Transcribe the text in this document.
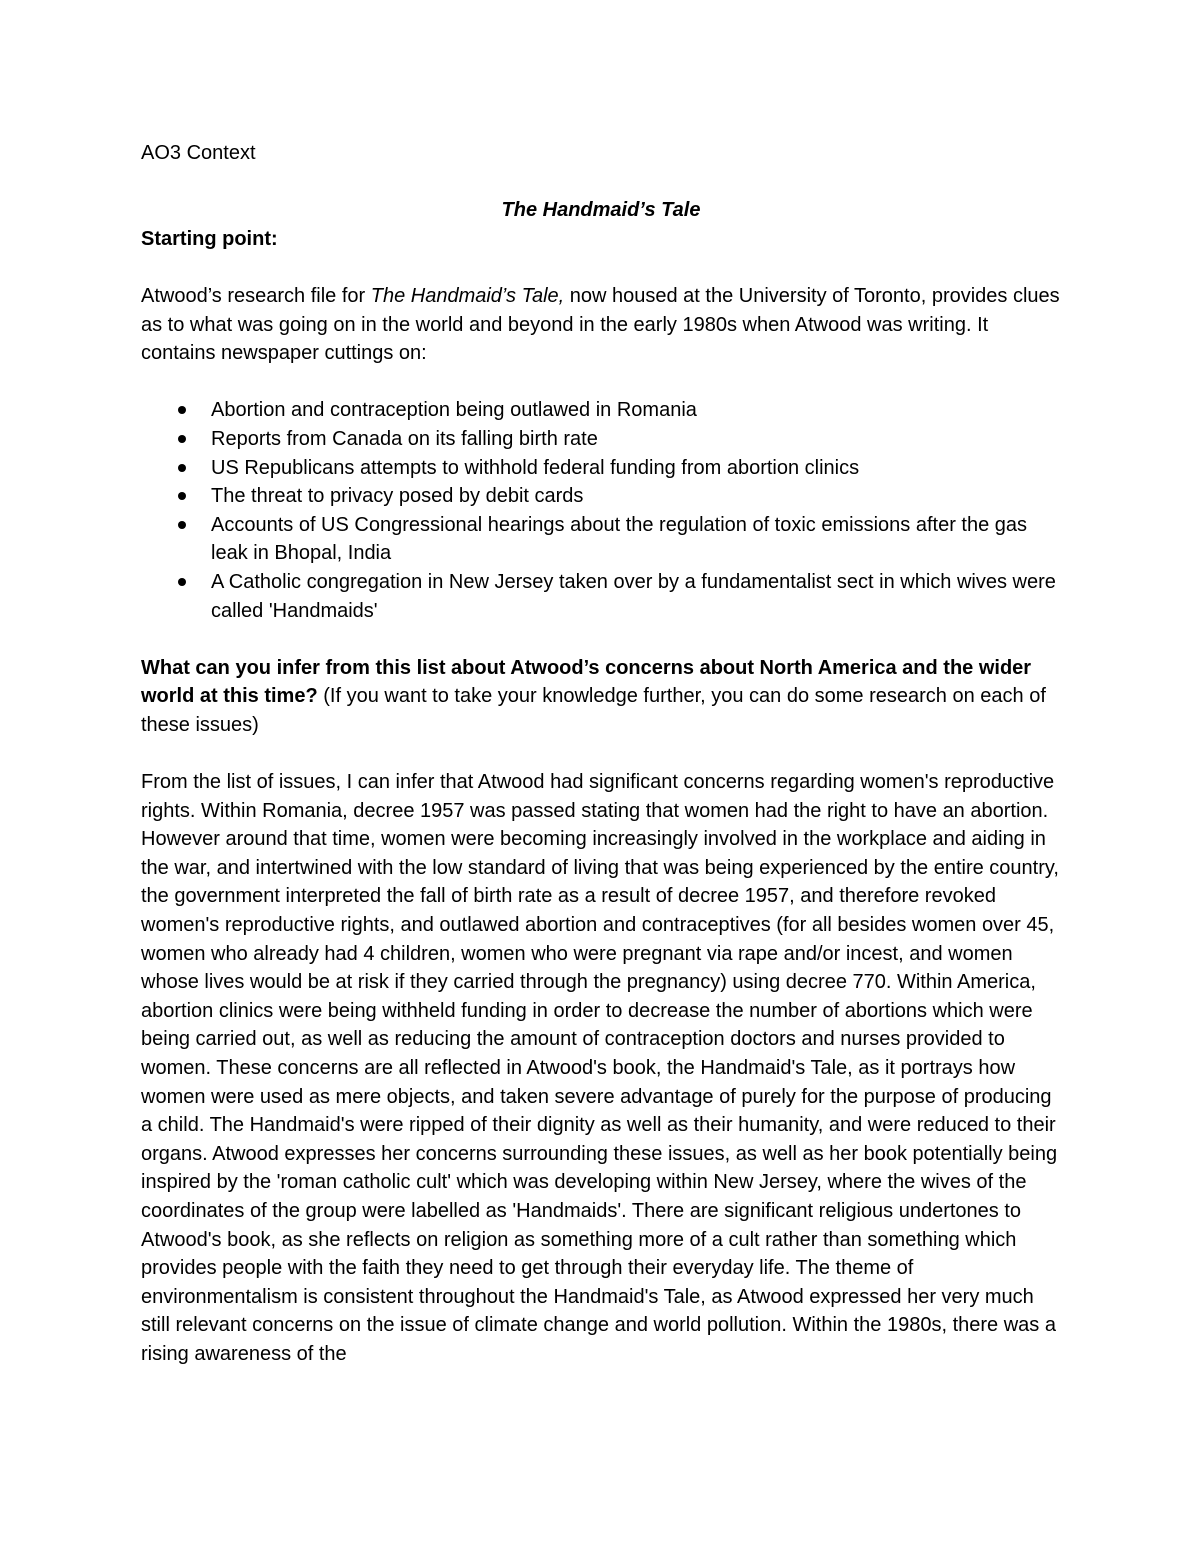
AO3 Context

The Handmaid’s Tale

Starting point:

Atwood’s research file for The Handmaid’s Tale, now housed at the University of Toronto, provides clues as to what was going on in the world and beyond in the early 1980s when Atwood was writing. It contains newspaper cuttings on:

Abortion and contraception being outlawed in Romania
Reports from Canada on its falling birth rate
US Republicans attempts to withhold federal funding from abortion clinics
The threat to privacy posed by debit cards
Accounts of US Congressional hearings about the regulation of toxic emissions after the gas leak in Bhopal, India
A Catholic congregation in New Jersey taken over by a fundamentalist sect in which wives were called 'Handmaids'

What can you infer from this list about Atwood’s concerns about North America and the wider world at this time? (If you want to take your knowledge further, you can do some research on each of these issues)

From the list of issues, I can infer that Atwood had significant concerns regarding women's reproductive rights. Within Romania, decree 1957 was passed stating that women had the right to have an abortion. However around that time, women were becoming increasingly involved in the workplace and aiding in the war, and intertwined with the low standard of living that was being experienced by the entire country, the government interpreted the fall of birth rate as a result of decree 1957, and therefore revoked women's reproductive rights, and outlawed abortion and contraceptives (for all besides women over 45, women who already had 4 children, women who were pregnant via rape and/or incest, and women whose lives would be at risk if they carried through the pregnancy) using decree 770. Within America, abortion clinics were being withheld funding in order to decrease the number of abortions which were being carried out, as well as reducing the amount of contraception doctors and nurses provided to women. These concerns are all reflected in Atwood's book, the Handmaid's Tale, as it portrays how women were used as mere objects, and taken severe advantage of purely for the purpose of producing a child. The Handmaid's were ripped of their dignity as well as their humanity, and were reduced to their organs. Atwood expresses her concerns surrounding these issues, as well as her book potentially being inspired by the 'roman catholic cult' which was developing within New Jersey, where the wives of the coordinates of the group were labelled as 'Handmaids'. There are significant religious undertones to Atwood's book, as she reflects on religion as something more of a cult rather than something which provides people with the faith they need to get through their everyday life. The theme of environmentalism is consistent throughout the Handmaid's Tale, as Atwood expressed her very much still relevant concerns on the issue of climate change and world pollution. Within the 1980s, there was a rising awareness of the
